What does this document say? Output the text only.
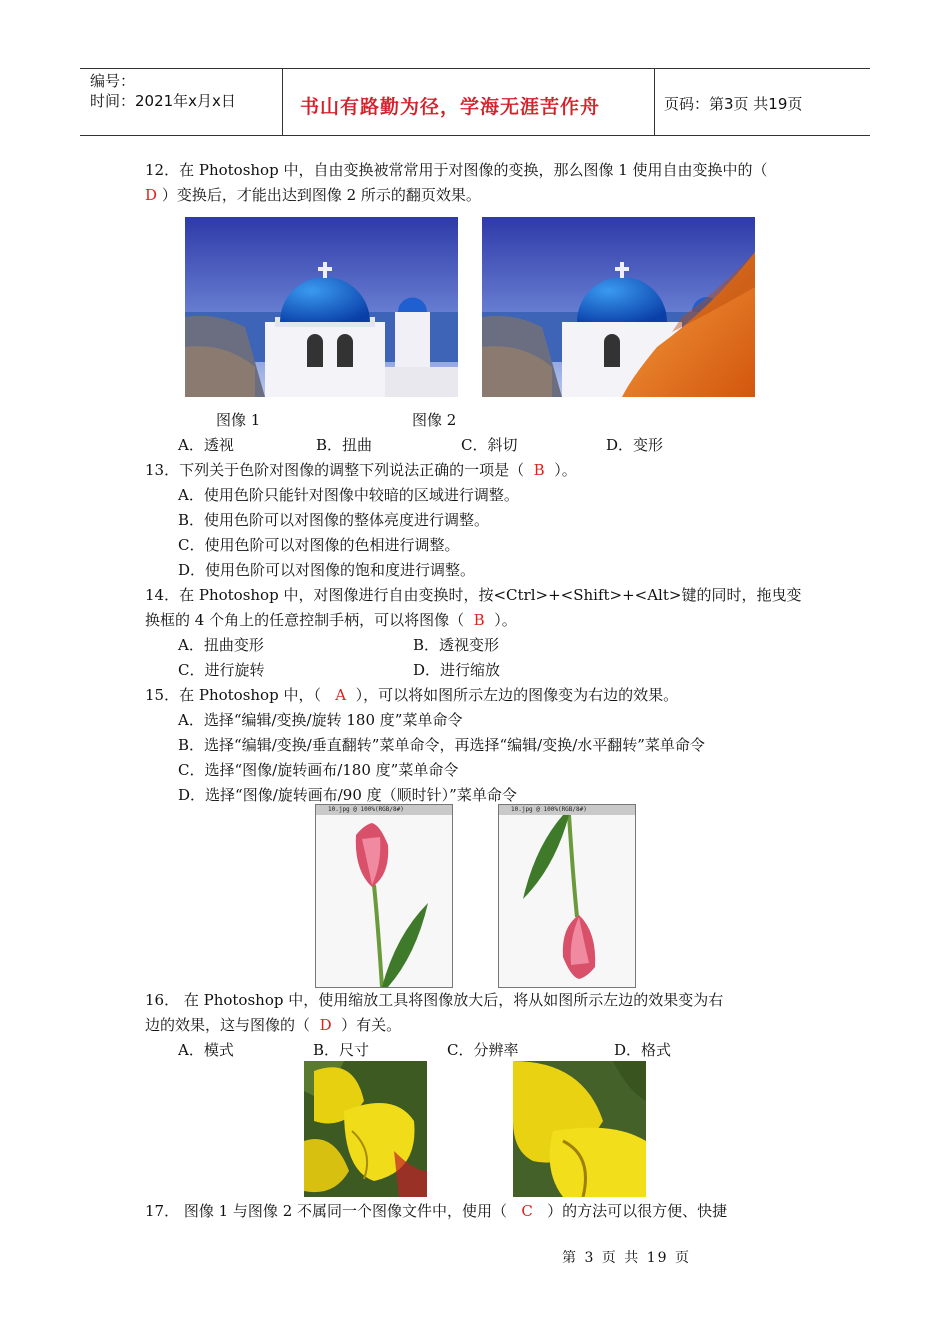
编号：
时间：2021年x月x日	书山有路勤为径，学海无涯苦作舟	页码：第3页 共19页
12．在 Photoshop 中，自由变换被常常用于对图像的变换，那么图像 1 使用自由变换中的（
D ）变换后，才能出达到图像 2 所示的翻页效果。
图像 1	图像 2
A．透视	B．扭曲	C．斜切	D．变形
13．下列关于色阶对图像的调整下列说法正确的一项是（ B ）。
A．使用色阶只能针对图像中较暗的区域进行调整。
B．使用色阶可以对图像的整体亮度进行调整。
C．使用色阶可以对图像的色相进行调整。
D．使用色阶可以对图像的饱和度进行调整。
14．在 Photoshop 中，对图像进行自由变换时，按<Ctrl>+<Shift>+<Alt>键的同时，拖曳变
换框的 4 个角上的任意控制手柄，可以将图像（ B ）。
A．扭曲变形	B．透视变形
C．进行旋转	D．进行缩放
15．在 Photoshop 中，（ A ），可以将如图所示左边的图像变为右边的效果。
A．选择“编辑/变换/旋转 180 度”菜单命令
B．选择“编辑/变换/垂直翻转”菜单命令，再选择“编辑/变换/水平翻转”菜单命令
C．选择“图像/旋转画布/180 度”菜单命令
D．选择“图像/旋转画布/90 度（顺时针）”菜单命令
10.jpg @ 100%(RGB/8#)	10.jpg @ 100%(RGB/8#)
16． 在 Photoshop 中，使用缩放工具将图像放大后，将从如图所示左边的效果变为右
边的效果，这与图像的（ D ）有关。
A．模式	B．尺寸	C．分辨率	D．格式
17． 图像 1 与图像 2 不属同一个图像文件中，使用（ C ）的方法可以很方便、快捷
第 3 页 共 19 页
